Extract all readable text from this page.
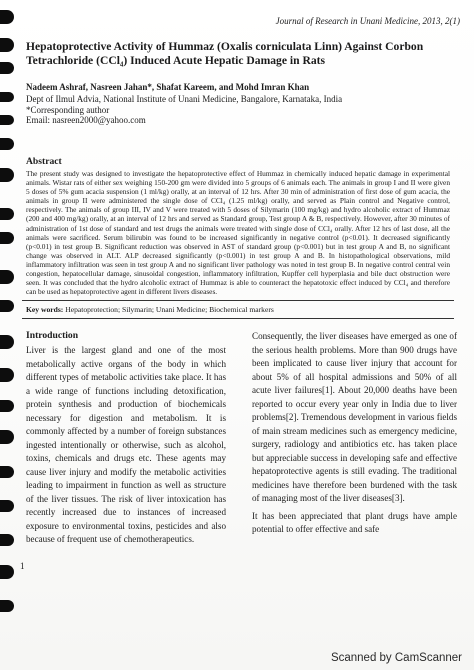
Journal of Research in Unani Medicine, 2013, 2(1)
Hepatoprotective Activity of Hummaz (Oxalis corniculata Linn) Against Corbon
Tetrachloride (CCl₄) Induced Acute Hepatic Damage in Rats
Nadeem Ashraf, Nasreen Jahan*, Shafat Kareem, and Mohd Imran Khan
Dept of Ilmul Advia, National Institute of Unani Medicine, Bangalore, Karnataka, India
*Corresponding author
Email: nasreen2000@yahoo.com
Abstract
The present study was designed to investigate the hepatoprotective effect of Hummaz in chemically induced hepatic damage in experimental animals. Wistar rats of either sex weighing 150-200 gm were divided into 5 groups of 6 animals each. The animals in group I and II were given 5 doses of 5% gum acacia suspension (1 ml/kg) orally, at an interval of 12 hrs. After 30 min of administration of first dose of gum acacia, the animals in group II were administered the single dose of CCl₄ (1.25 ml/kg) orally, and served as Plain control and Negative control, respectively. The animals of group III, IV and V were treated with 5 doses of Silymarin (100 mg/kg) and hydro alcoholic extract of Hummaz (200 and 400 mg/kg) orally, at an interval of 12 hrs and served as Standard group, Test group A & B, respectively. However, after 30 minutes of administration of 1st dose of standard and test drugs the animals were treated with single dose of CCl₄ orally. After 12 hrs of last dose, all the animals were sacrificed. Serum bilirubin was found to be increased significantly in negative control (p<0.01). It decreased significantly (p<0.01) in test group B. Significant reduction was observed in AST of standard group (p<0.001) but in test group A and B, no significant change was observed in ALT. ALP decreased significantly (p<0.001) in test group A and B. In histopathological observations, mild inflammatory infiltration was seen in test group A and no significant liver pathology was noted in test group B. In negative control central vein congestion, hepatocellular damage, sinusoidal congestion, inflammatory infiltration, Kupffer cell hyperplasia and bile duct obstruction were seen. It was concluded that the hydro alcoholic extract of Hummaz is able to counteract the hepatotoxic effect induced by CCl₄ and therefore can be used as hepatoprotective agent in different livers diseases.
Key words: Hepatoprotection; Silymarin; Unani Medicine; Biochemical markers
Introduction

Liver is the largest gland and one of the most metabolically active organs of the body in which different types of metabolic activities take place. It has a wide range of functions including detoxification, protein synthesis and production of biochemicals necessary for digestion and metabolism. It is commonly affected by a number of foreign substances ingested intentionally or otherwise, such as alcohol, toxins, chemicals and drugs etc. These agents may cause liver injury and modify the metabolic activities leading to impairment in function as well as structure of the liver tissues. The risk of liver intoxication has recently increased due to instances of increased exposure to environmental toxins, pesticides and also because of frequent use of chemotherapeutics.

Consequently, the liver diseases have emerged as one of the serious health problems. More than 900 drugs have been implicated to cause liver injury that account for about 5% of all hospital admissions and 50% of all acute liver failures[1]. About 20,000 deaths have been reported to occur every year only in India due to liver problems[2]. Tremendous development in various fields of main stream medicines such as emergency medicine, surgery, radiology and antibiotics etc. has taken place but appreciable success in developing safe and effective hepatoprotective agents is still evading. The traditional medicines have therefore been burdened with the task of managing most of the liver diseases[3].

It has been appreciated that plant drugs have ample potential to offer effective and safe

1
Scanned by CamScanner
